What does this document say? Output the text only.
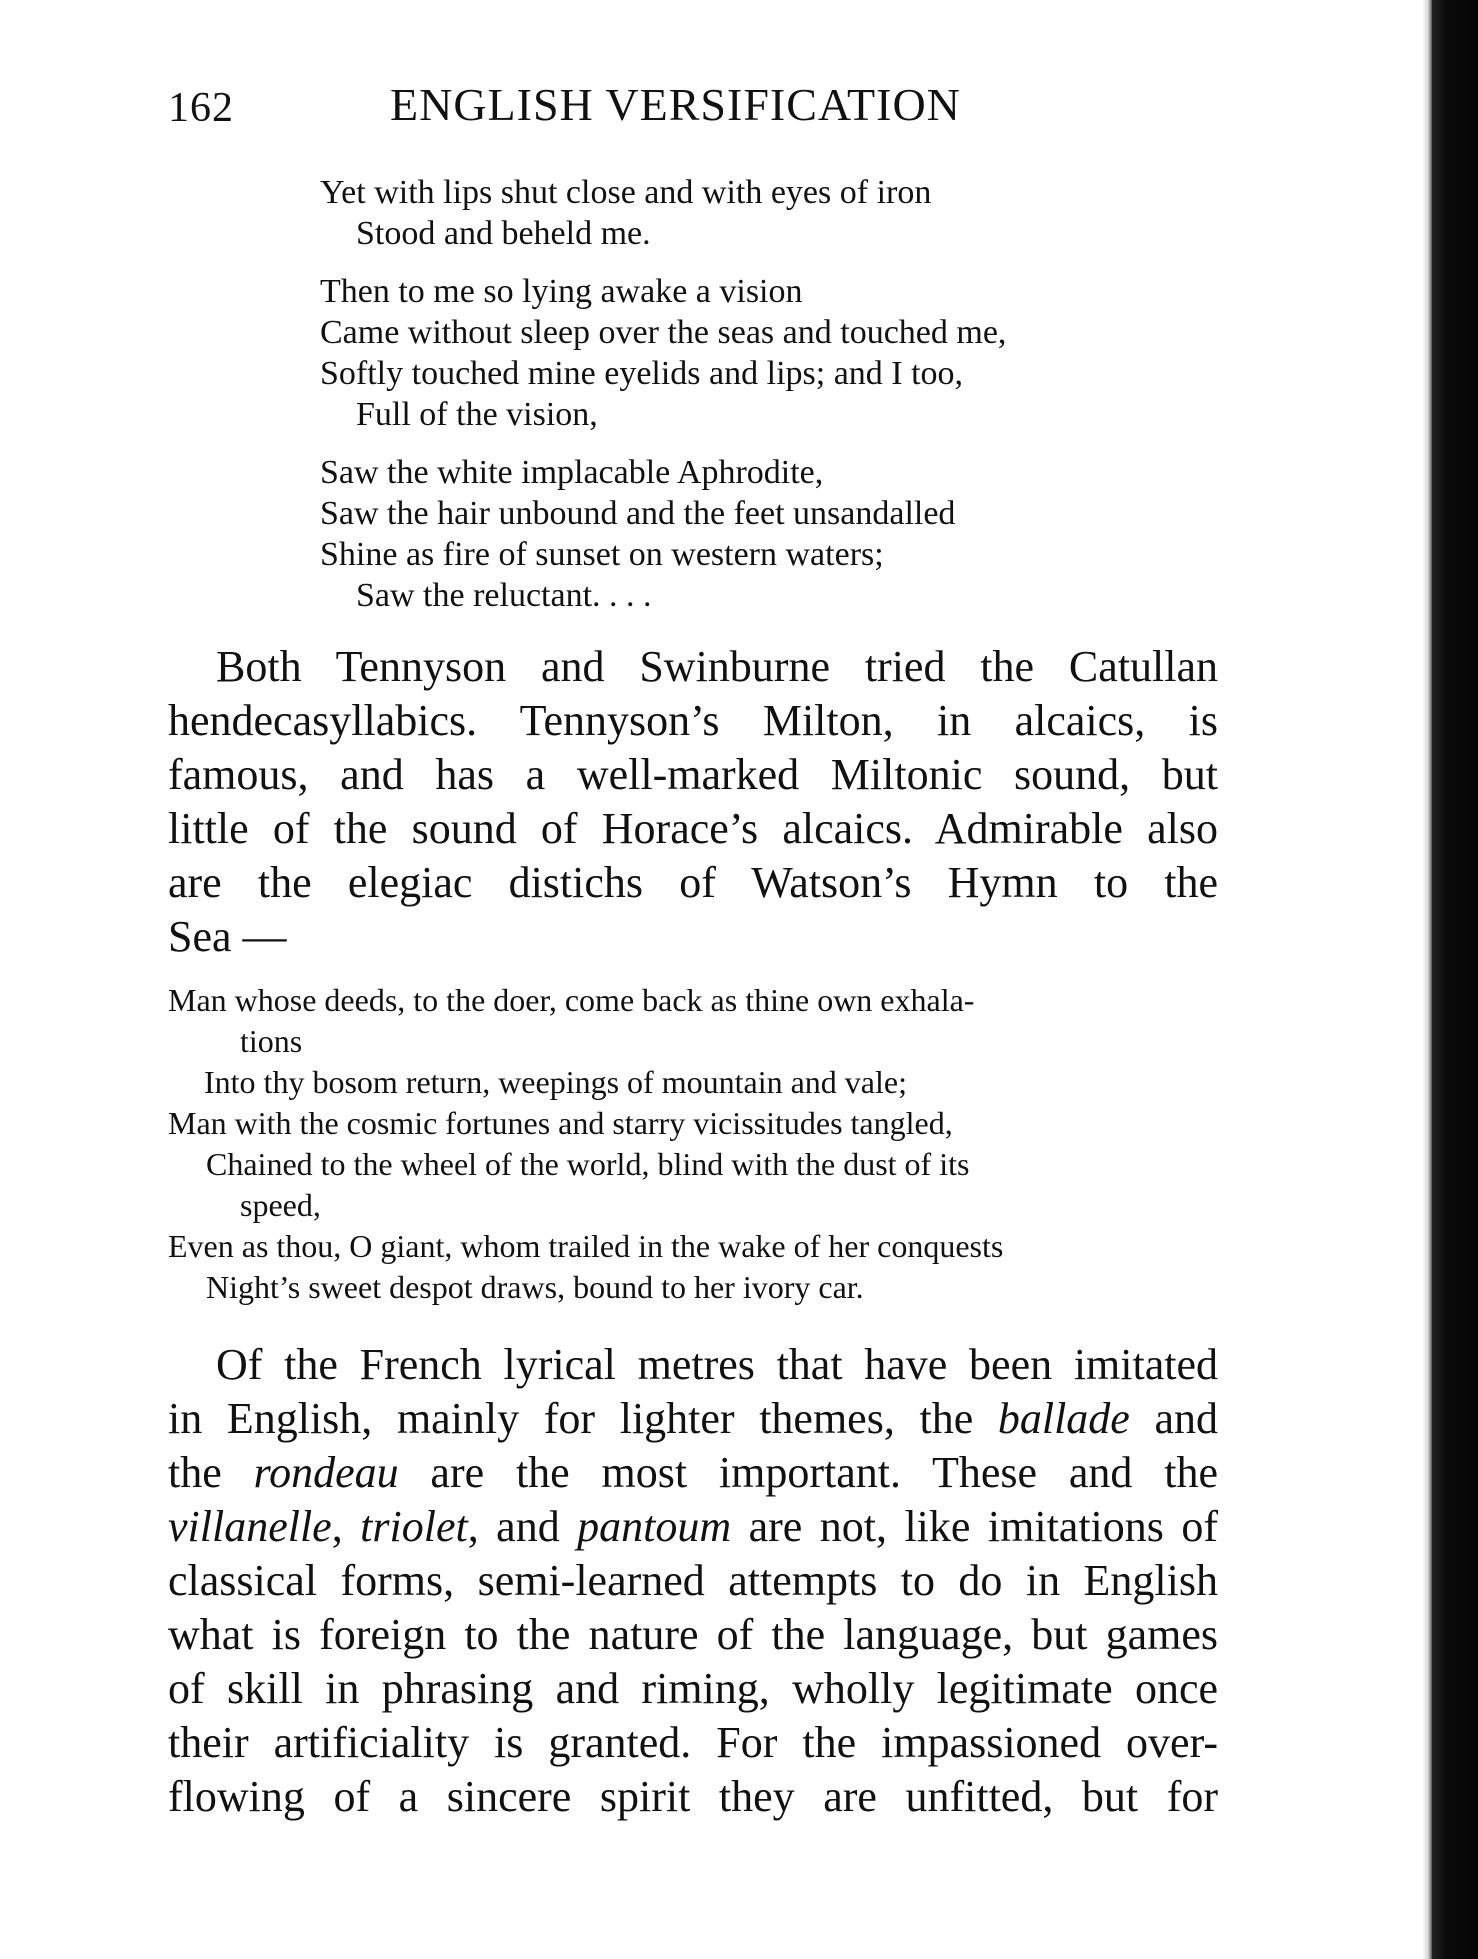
162	ENGLISH VERSIFICATION
Yet with lips shut close and with eyes of iron
Stood and beheld me.
Then to me so lying awake a vision
Came without sleep over the seas and touched me,
Softly touched mine eyelids and lips; and I too,
Full of the vision,
Saw the white implacable Aphrodite,
Saw the hair unbound and the feet unsandalled
Shine as fire of sunset on western waters;
Saw the reluctant. . . .
Both Tennyson and Swinburne tried the Catullan
hendecasyllabics. Tennyson’s Milton, in alcaics, is
famous, and has a well-marked Miltonic sound, but
little of the sound of Horace’s alcaics. Admirable also
are the elegiac distichs of Watson’s Hymn to the
Sea —
Man whose deeds, to the doer, come back as thine own exhala-
tions
Into thy bosom return, weepings of mountain and vale;
Man with the cosmic fortunes and starry vicissitudes tangled,
Chained to the wheel of the world, blind with the dust of its
speed,
Even as thou, O giant, whom trailed in the wake of her conquests
Night’s sweet despot draws, bound to her ivory car.
Of the French lyrical metres that have been imitated
in English, mainly for lighter themes, the ballade and
the rondeau are the most important. These and the
villanelle, triolet, and pantoum are not, like imitations of
classical forms, semi-learned attempts to do in English
what is foreign to the nature of the language, but games
of skill in phrasing and riming, wholly legitimate once
their artificiality is granted. For the impassioned over-
flowing of a sincere spirit they are unfitted, but for
